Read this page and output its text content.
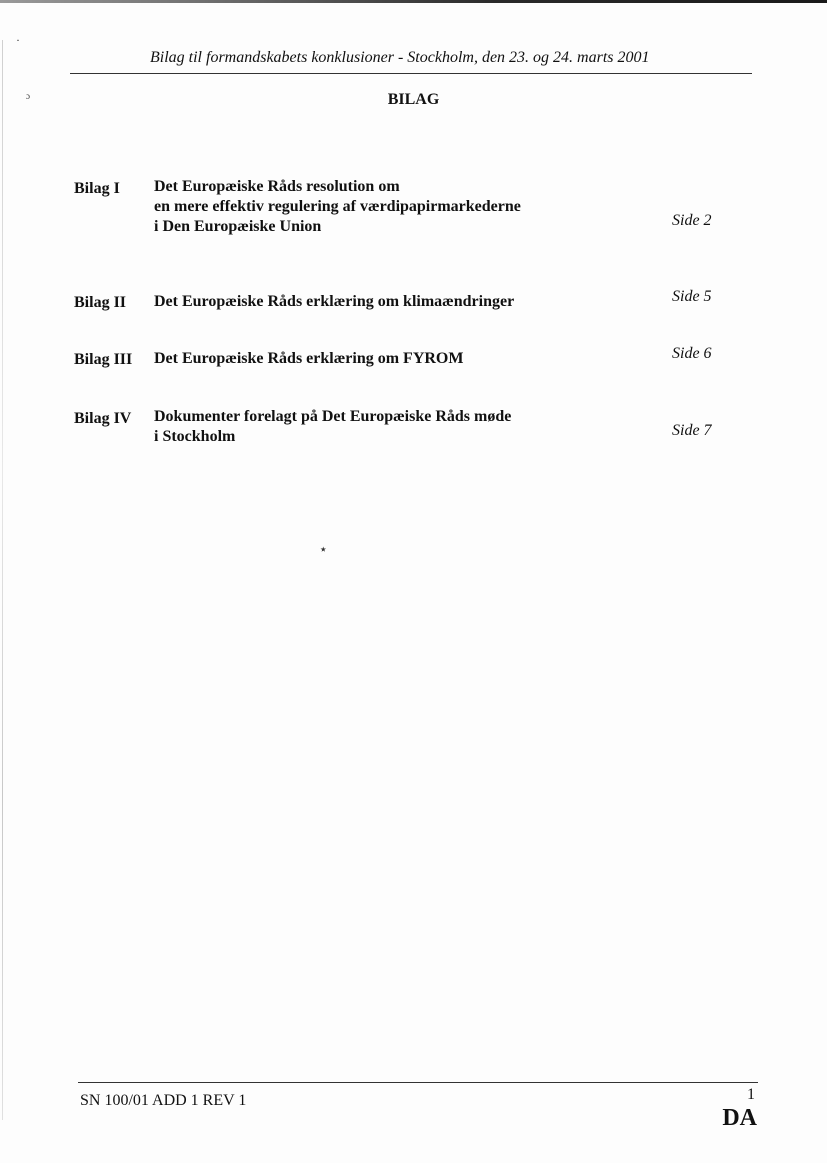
·
ɔ
٭
Bilag til formandskabets konklusioner - Stockholm, den 23. og 24. marts 2001
BILAG
Bilag I Det Europæiske Råds resolution om
en mere effektiv regulering af værdipapirmarkederne
i Den Europæiske Union	Side 2
Bilag II Det Europæiske Råds erklæring om klimaændringer	Side 5
Bilag III Det Europæiske Råds erklæring om FYROM	Side 6
Bilag IV Dokumenter forelagt på Det Europæiske Råds møde
i Stockholm	Side 7
SN 100/01 ADD 1 REV 1	1
DA
